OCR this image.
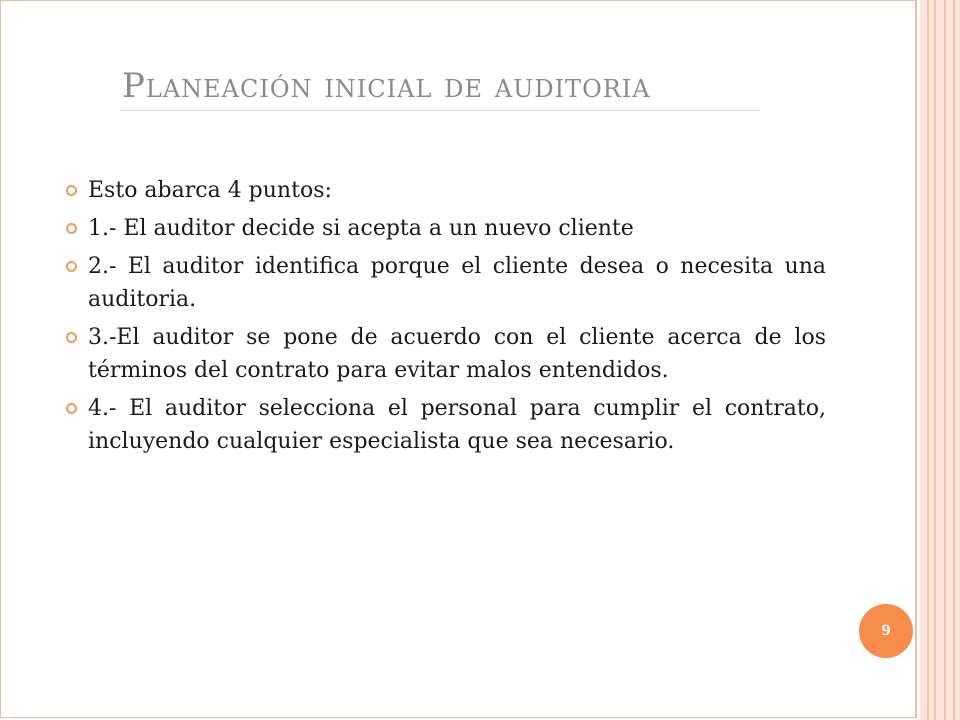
Planeación inicial de auditoria
Esto abarca 4 puntos:
1.- El auditor decide si acepta a un nuevo cliente
2.- El auditor identifica porque el cliente desea o necesita una auditoria.
3.-El auditor se pone de acuerdo con el cliente acerca de los términos del contrato para evitar malos entendidos.
4.- El auditor selecciona el personal para cumplir el contrato, incluyendo cualquier especialista que sea necesario.
9
